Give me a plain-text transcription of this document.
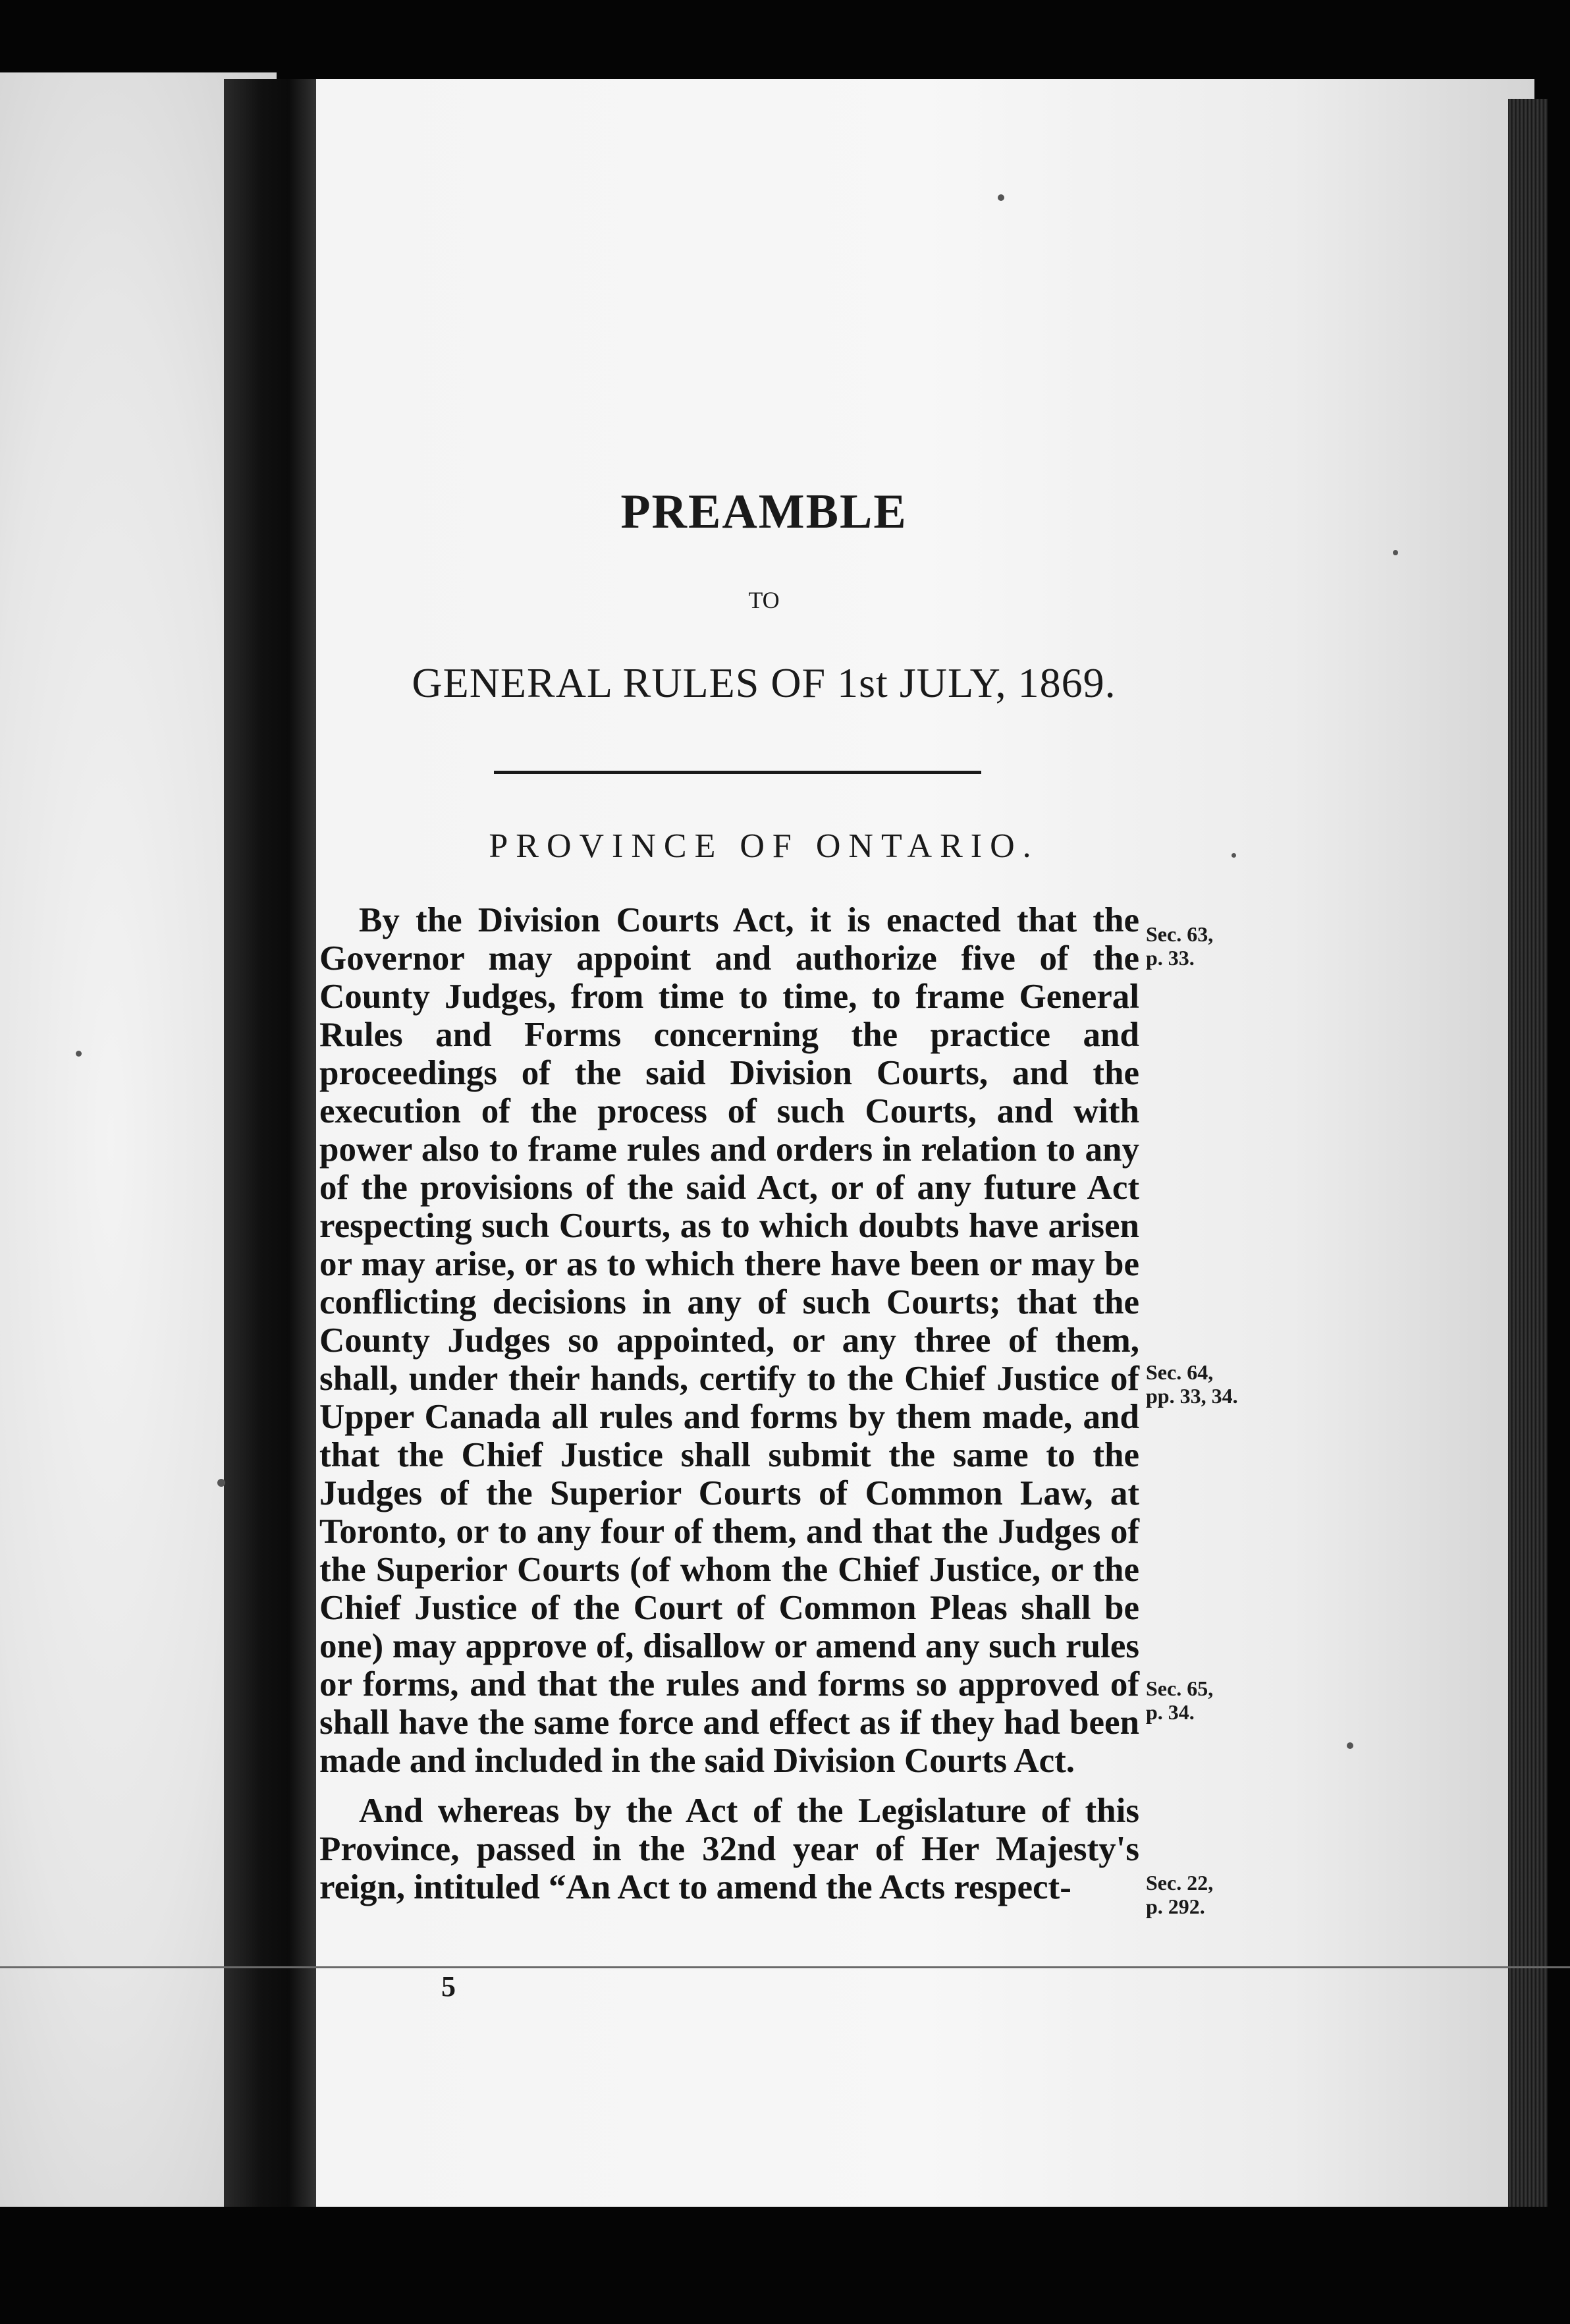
PREAMBLE
TO
GENERAL RULES OF 1st JULY, 1869.
PROVINCE OF ONTARIO.

By the Division Courts Act, it is enacted that the Governor may appoint and authorize five of the County Judges, from time to time, to frame General Rules and Forms concerning the practice and proceedings of the said Division Courts, and the execution of the process of such Courts, and with power also to frame rules and orders in relation to any of the provisions of the said Act, or of any future Act respecting such Courts, as to which doubts have arisen or may arise, or as to which there have been or may be conflicting decisions in any of such Courts; that the County Judges so appointed, or any three of them, shall, under their hands, certify to the Chief Justice of Upper Canada all rules and forms by them made, and that the Chief Justice shall submit the same to the Judges of the Superior Courts of Common Law, at Toronto, or to any four of them, and that the Judges of the Superior Courts (of whom the Chief Justice, or the Chief Justice of the Court of Common Pleas shall be one) may approve of, disallow or amend any such rules or forms, and that the rules and forms so approved of shall have the same force and effect as if they had been made and included in the said Division Courts Act.

And whereas by the Act of the Legislature of this Province, passed in the 32nd year of Her Majesty's reign, intituled “An Act to amend the Acts respect-

Sec. 63,
p. 33.
Sec. 64,
pp. 33, 34.
Sec. 65,
p. 34.
Sec. 22,
p. 292.
5
